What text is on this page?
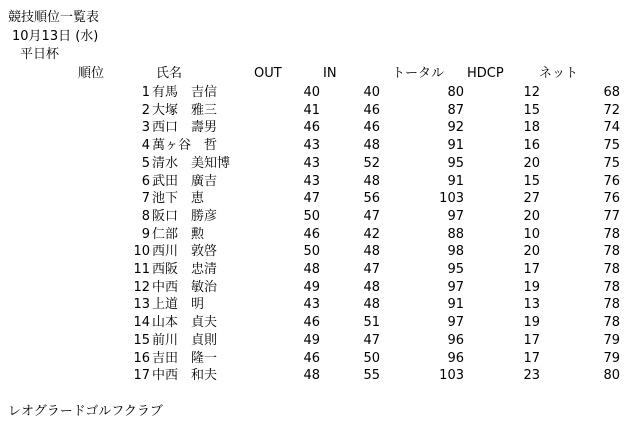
競技順位一覧表
10月13日 (水)
平日杯
順位	氏名	OUT	IN	トータル HDCP	ネット
1 有馬　吉信	40	40	80	12	68
2 大塚　雅三	41	46	87	15	72
3 西口　壽男	46	46	92	18	74
4 萬ヶ谷　哲	43	48	91	16	75
5 清水　美知博	43	52	95	20	75
6 武田　廣吉	43	48	91	15	76
7 池下　恵	47	56	103	27	76
8 阪口　勝彦	50	47	97	20	77
9 仁部　勲	46	42	88	10	78
10 西川　敦啓	50	48	98	20	78
11 西阪　忠清	48	47	95	17	78
12 中西　敏治	49	48	97	19	78
13 上道　明	43	48	91	13	78
14 山本　貞夫	46	51	97	19	78
15 前川　貞則	49	47	96	17	79
16 吉田　隆一	46	50	96	17	79
17 中西　和夫	48	55	103	23	80
レオグラードゴルフクラブ
